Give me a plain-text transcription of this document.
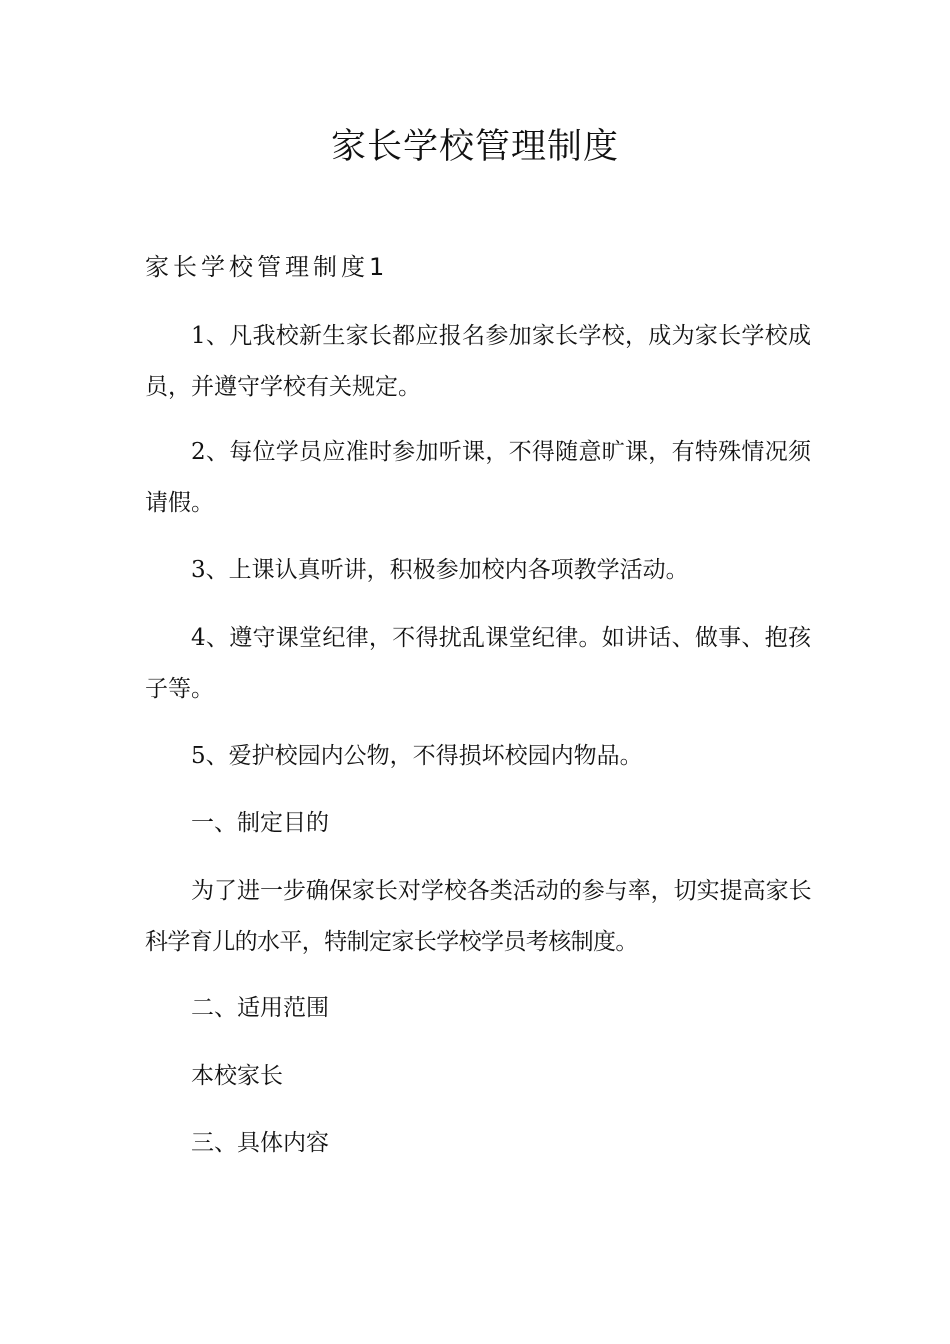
家长学校管理制度
家长学校管理制度1

1、凡我校新生家长都应报名参加家长学校，成为家长学校成员，并遵守学校有关规定。

2、每位学员应准时参加听课，不得随意旷课，有特殊情况须请假。

3、上课认真听讲，积极参加校内各项教学活动。

4、遵守课堂纪律，不得扰乱课堂纪律。如讲话、做事、抱孩子等。

5、爱护校园内公物，不得损坏校园内物品。

一、制定目的

为了进一步确保家长对学校各类活动的参与率，切实提高家长科学育儿的水平，特制定家长学校学员考核制度。

二、适用范围

本校家长

三、具体内容
